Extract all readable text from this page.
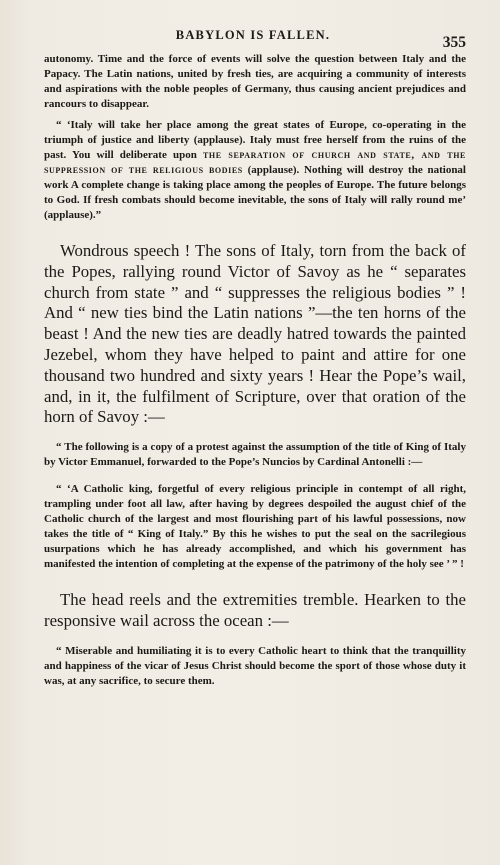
BABYLON IS FALLEN.	355

autonomy. Time and the force of events will solve the question between Italy and the Papacy. The Latin nations, united by fresh ties, are acquiring a community of interests and aspirations with the noble peoples of Germany, thus causing ancient prejudices and rancours to disappear.

“ ‘Italy will take her place among the great states of Europe, co-operating in the triumph of justice and liberty (applause). Italy must free herself from the ruins of the past. You will deliberate upon the separation of church and state, and the suppression of the religious bodies (applause). Nothing will destroy the national work A complete change is taking place among the peoples of Europe. The future belongs to God. If fresh combats should become inevitable, the sons of Italy will rally round me’ (applause).”

Wondrous speech ! The sons of Italy, torn from the back of the Popes, rallying round Victor of Savoy as he “ separates church from state ” and “ suppresses the religious bodies ” ! And “ new ties bind the Latin nations ”—the ten horns of the beast ! And the new ties are deadly hatred towards the painted Jezebel, whom they have helped to paint and attire for one thousand two hundred and sixty years ! Hear the Pope’s wail, and, in it, the fulfilment of Scripture, over that oration of the horn of Savoy :—

“ The following is a copy of a protest against the assumption of the title of King of Italy by Victor Emmanuel, forwarded to the Pope’s Nuncios by Cardinal Antonelli :—

“ ‘A Catholic king, forgetful of every religious principle in contempt of all right, trampling under foot all law, after having by degrees despoiled the august chief of the Catholic church of the largest and most flourishing part of his lawful possessions, now takes the title of “ King of Italy.” By this he wishes to put the seal on the sacrilegious usurpations which he has already accomplished, and which his government has manifested the intention of completing at the expense of the patrimony of the holy see ’ ” !

The head reels and the extremities tremble. Hearken to the responsive wail across the ocean :—

“ Miserable and humiliating it is to every Catholic heart to think that the tranquillity and happiness of the vicar of Jesus Christ should become the sport of those whose duty it was, at any sacrifice, to secure them.
